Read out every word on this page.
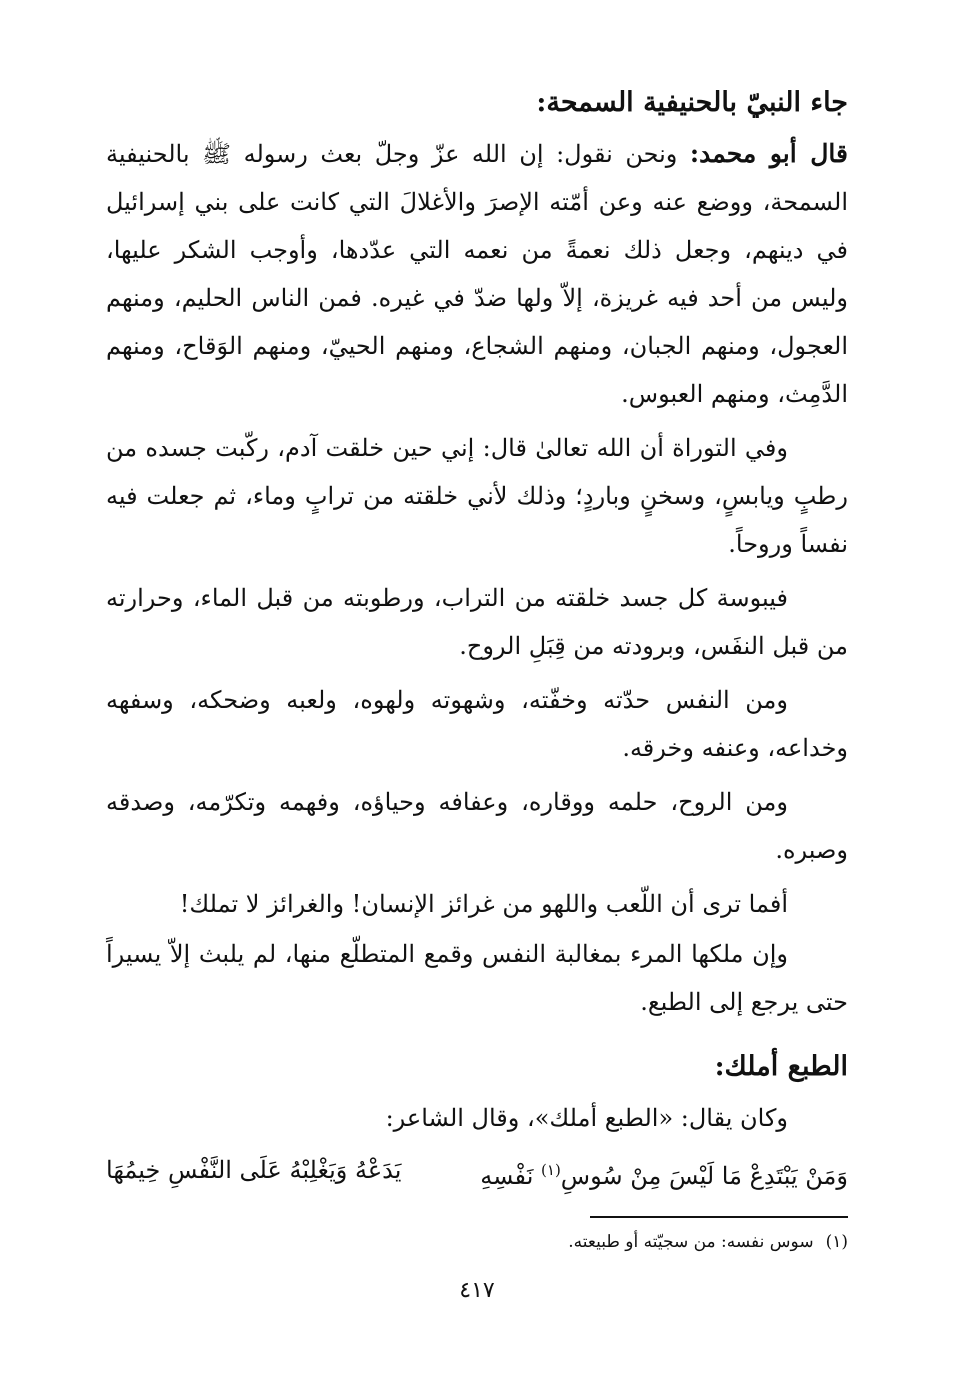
جاء النبيّ بالحنيفية السمحة:

قال أبو محمد: ونحن نقول: إن الله عزّ وجلّ بعث رسوله ﷺ بالحنيفية السمحة، ووضع عنه وعن أمّته الإصرَ والأغلالَ التي كانت على بني إسرائيل في دينهم، وجعل ذلك نعمةً من نعمه التي عدّدها، وأوجب الشكر عليها، وليس من أحد فيه غريزة، إلاّ ولها ضدّ في غيره. فمن الناس الحليم، ومنهم العجول، ومنهم الجبان، ومنهم الشجاع، ومنهم الحييّ، ومنهم الوَقاح، ومنهم الدَّمِث، ومنهم العبوس.

وفي التوراة أن الله تعالىٰ قال: إني حين خلقت آدم، ركّبت جسده من رطبٍ ويابسٍ، وسخنٍ وباردٍ؛ وذلك لأني خلقته من ترابٍ وماء، ثم جعلت فيه نفساً وروحاً.

فيبوسة كل جسد خلقته من التراب، ورطوبته من قبل الماء، وحرارته من قبل النفَس، وبرودته من قِبَلِ الروح.

ومن النفس حدّته وخفّته، وشهوته ولهوه، ولعبه وضحكه، وسفهه وخداعه، وعنفه وخرقه.

ومن الروح، حلمه ووقاره، وعفافه وحياؤه، وفهمه وتكرّمه، وصدقه وصبره.

أفما ترى أن اللّعب واللهو من غرائز الإنسان! والغرائز لا تملك!

وإن ملكها المرء بمغالبة النفس وقمع المتطلّع منها، لم يلبث إلاّ يسيراً حتى يرجع إلى الطبع.

الطبع أملك:

وكان يقال: «الطبع أملك»، وقال الشاعر:

وَمَنْ يَبْتَدِعْ مَا لَيْسَ مِنْ سُوسِ$^{(١)}$ نَفْسِهِ
يَدَعْهُ وَيَغْلِبْهُ عَلَى النَّفْسِ خِيمُهَا
(١)سوس نفسه: من سجيّته أو طبيعته.
٤١٧
